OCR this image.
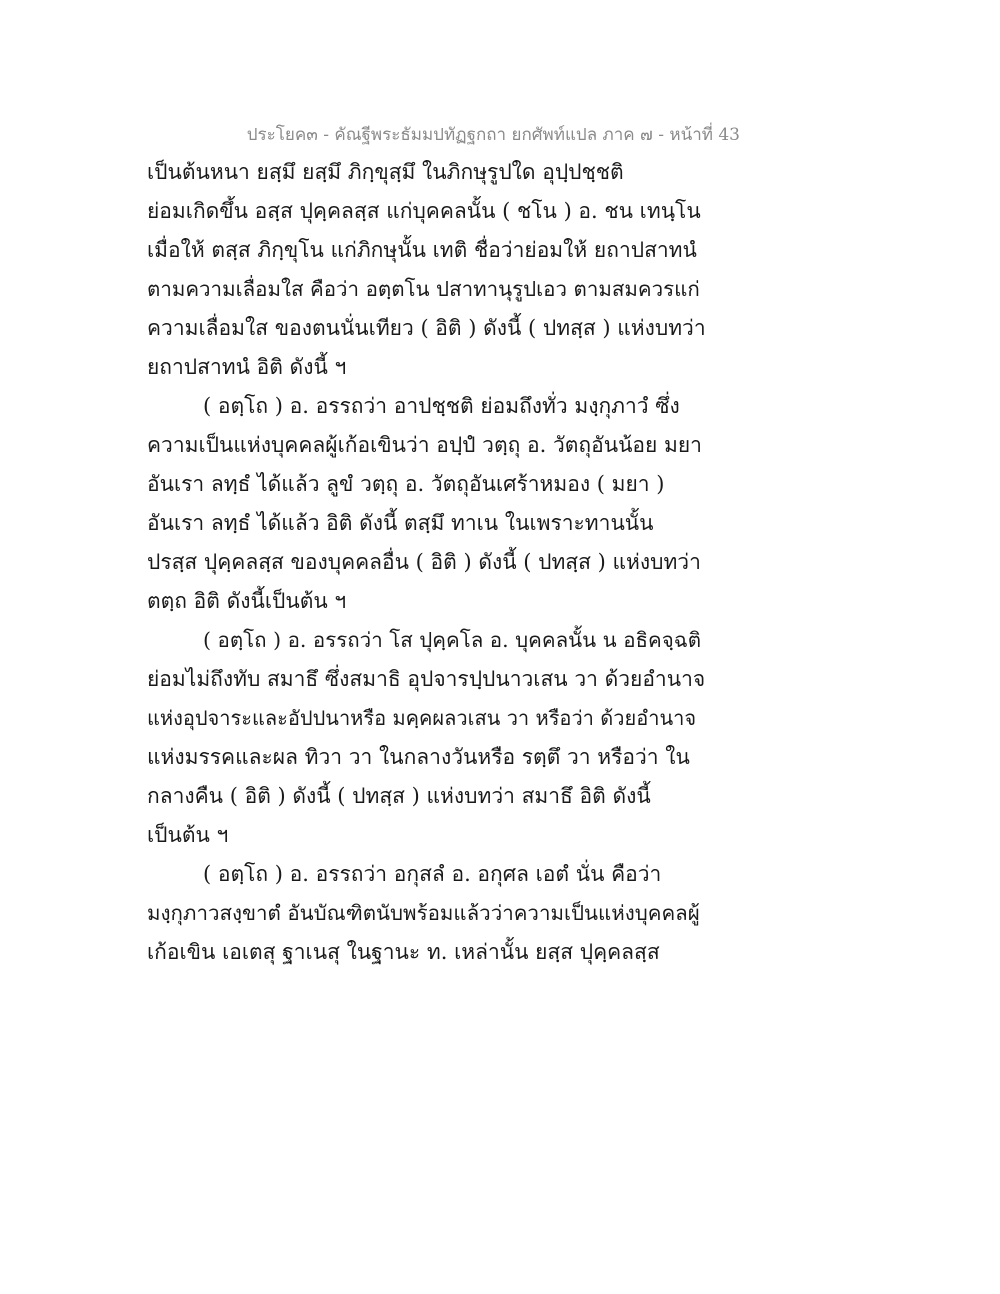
ประโยค๓ - คัณฐีพระธัมมปทัฏฐกถา ยกศัพท์แปล ภาค ๗ - หน้าที่ 43
เป็นต้นหนา ยสฺมึ ยสฺมึ ภิกฺขุสฺมึ ในภิกษุรูปใด อุปฺปชฺชติ
ย่อมเกิดขึ้น อสฺส ปุคฺคลสฺส แก่บุคคลนั้น ( ชโน ) อ. ชน เทนฺโน
เมื่อให้ ตสฺส ภิกฺขุโน แก่ภิกษุนั้น เทติ ชื่อว่าย่อมให้ ยถาปสาทนํ
ตามความเลื่อมใส คือว่า อตฺตโน ปสาทานุรูปเอว ตามสมควรแก่
ความเลื่อมใส ของตนนั่นเทียว ( อิติ ) ดังนี้ ( ปทสฺส ) แห่งบทว่า
ยถาปสาทนํ อิติ ดังนี้ ฯ
( อตฺโถ ) อ. อรรถว่า อาปชฺชติ ย่อมถึงทั่ว มงฺกุภาวํ ซึ่ง
ความเป็นแห่งบุคคลผู้เก้อเขินว่า อปฺปํ วตฺถุ อ. วัตถุอันน้อย มยา
อันเรา ลทฺธํ ได้แล้ว ลูขํ วตฺถุ อ. วัตถุอันเศร้าหมอง ( มยา )
อันเรา ลทฺธํ ได้แล้ว อิติ ดังนี้ ตสฺมึ ทาเน ในเพราะทานนั้น
ปรสฺส ปุคฺคลสฺส ของบุคคลอื่น ( อิติ ) ดังนี้ ( ปทสฺส ) แห่งบทว่า
ตตฺถ อิติ ดังนี้เป็นต้น ฯ
( อตฺโถ ) อ. อรรถว่า โส ปุคฺคโล อ. บุคคลนั้น น อธิคจฺฉติ
ย่อมไม่ถึงทับ สมาธึ ซึ่งสมาธิ อุปจารปฺปนาวเสน วา ด้วยอำนาจ
แห่งอุปจาระและอัปปนาหรือ มคฺคผลวเสน วา หรือว่า ด้วยอำนาจ
แห่งมรรคและผล ทิวา วา ในกลางวันหรือ รตฺตึ วา หรือว่า ใน
กลางคืน ( อิติ ) ดังนี้ ( ปทสฺส ) แห่งบทว่า สมาธึ อิติ ดังนี้
เป็นต้น ฯ
( อตฺโถ ) อ. อรรถว่า อกุสลํ อ. อกุศล เอตํ นั่น คือว่า
มงฺกุภาวสงฺขาตํ อันบัณฑิตนับพร้อมแล้วว่าความเป็นแห่งบุคคลผู้
เก้อเขิน เอเตสุ ฐาเนสุ ในฐานะ ท. เหล่านั้น ยสฺส ปุคฺคลสฺส
